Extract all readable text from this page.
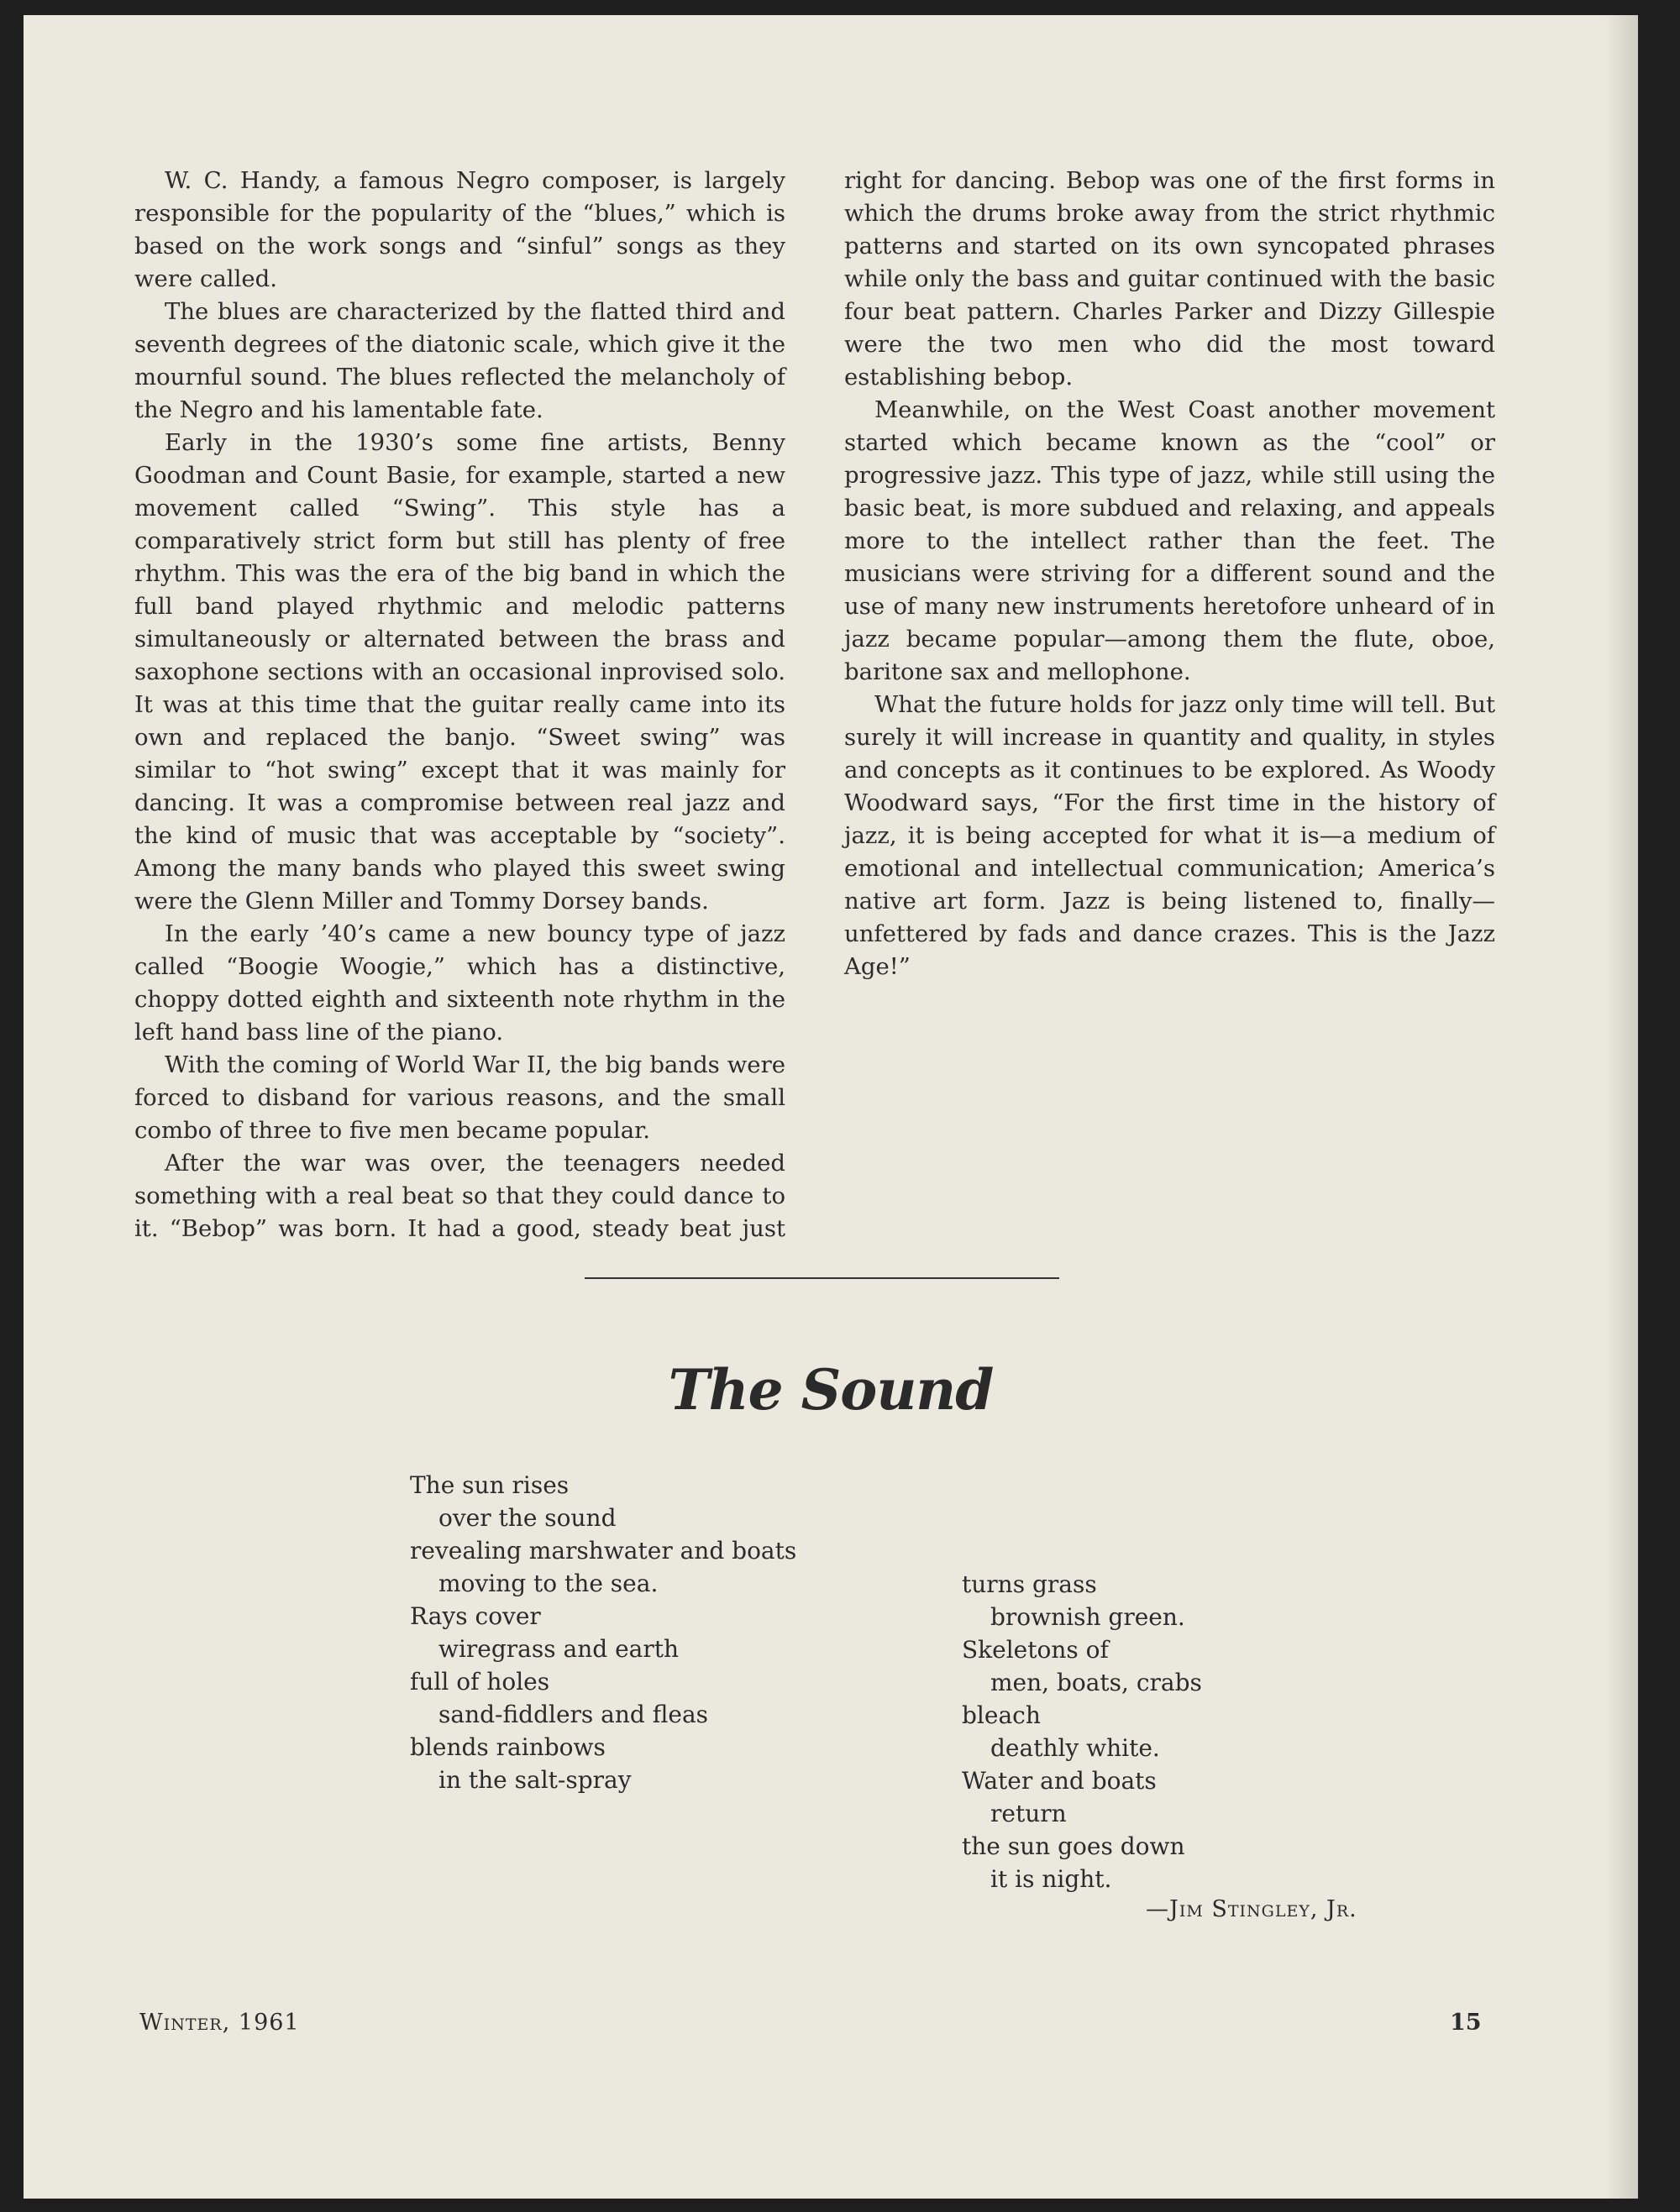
W. C. Handy, a famous Negro composer, is largely responsible for the popularity of the “blues,” which is based on the work songs and “sinful” songs as they were called.

The blues are characterized by the flatted third and seventh degrees of the diatonic scale, which give it the mournful sound. The blues reflected the melancholy of the Negro and his lamentable fate.

Early in the 1930’s some fine artists, Benny Goodman and Count Basie, for example, started a new movement called “Swing”. This style has a comparatively strict form but still has plenty of free rhythm. This was the era of the big band in which the full band played rhythmic and melodic patterns simultaneously or alternated between the brass and saxophone sections with an occasional inprovised solo. It was at this time that the guitar really came into its own and replaced the banjo. “Sweet swing” was similar to “hot swing” except that it was mainly for dancing. It was a compromise between real jazz and the kind of music that was acceptable by “society”. Among the many bands who played this sweet swing were the Glenn Miller and Tommy Dorsey bands.

In the early ’40’s came a new bouncy type of jazz called “Boogie Woogie,” which has a distinctive, choppy dotted eighth and sixteenth note rhythm in the left hand bass line of the piano.

With the coming of World War II, the big bands were forced to disband for various reasons, and the small combo of three to five men became popular.

After the war was over, the teenagers needed something with a real beat so that they could dance to it. “Bebop” was born. It had a good, steady beat just right for dancing. Bebop was one of the first forms in which the drums broke away from the strict rhythmic patterns and started on its own syncopated phrases while only the bass and guitar continued with the basic four beat pattern. Charles Parker and Dizzy Gillespie were the two men who did the most toward establishing bebop.

Meanwhile, on the West Coast another movement started which became known as the “cool” or progressive jazz. This type of jazz, while still using the basic beat, is more subdued and relaxing, and appeals more to the intellect rather than the feet. The musicians were striving for a different sound and the use of many new instruments heretofore unheard of in jazz became popular—among them the flute, oboe, baritone sax and mellophone.

What the future holds for jazz only time will tell. But surely it will increase in quantity and quality, in styles and concepts as it continues to be explored. As Woody Woodward says, “For the first time in the history of jazz, it is being accepted for what it is—a medium of emotional and intellectual communication; America’s native art form. Jazz is being listened to, finally—unfettered by fads and dance crazes. This is the Jazz Age!”

The Sound
The sun rises
over the sound
revealing marshwater and boats
moving to the sea.
Rays cover
wiregrass and earth
full of holes
sand-fiddlers and fleas
blends rainbows
in the salt-spray
turns grass
brownish green.
Skeletons of
men, boats, crabs
bleach
deathly white.
Water and boats
return
the sun goes down
it is night.
—Jim Stingley, Jr.
Winter, 1961	15
